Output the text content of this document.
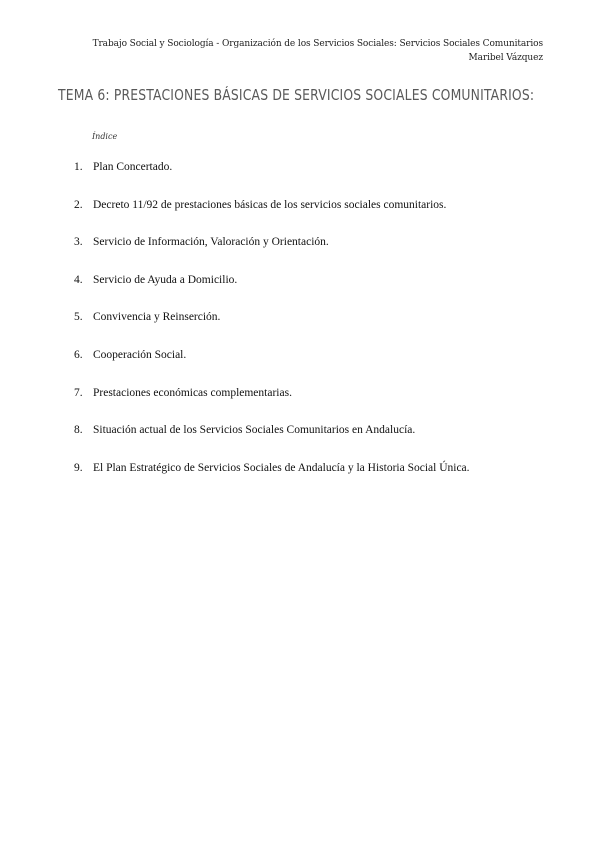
Trabajo Social y Sociología - Organización de los Servicios Sociales: Servicios Sociales Comunitarios
Maribel Vázquez
TEMA 6: PRESTACIONES BÁSICAS DE SERVICIOS SOCIALES COMUNITARIOS:
Índice
1. Plan Concertado.
2. Decreto 11/92 de prestaciones básicas de los servicios sociales comunitarios.
3. Servicio de Información, Valoración y Orientación.
4. Servicio de Ayuda a Domicilio.
5. Convivencia y Reinserción.
6. Cooperación Social.
7. Prestaciones económicas complementarias.
8. Situación actual de los Servicios Sociales Comunitarios en Andalucía.
9. El Plan Estratégico de Servicios Sociales de Andalucía y la Historia Social Única.
